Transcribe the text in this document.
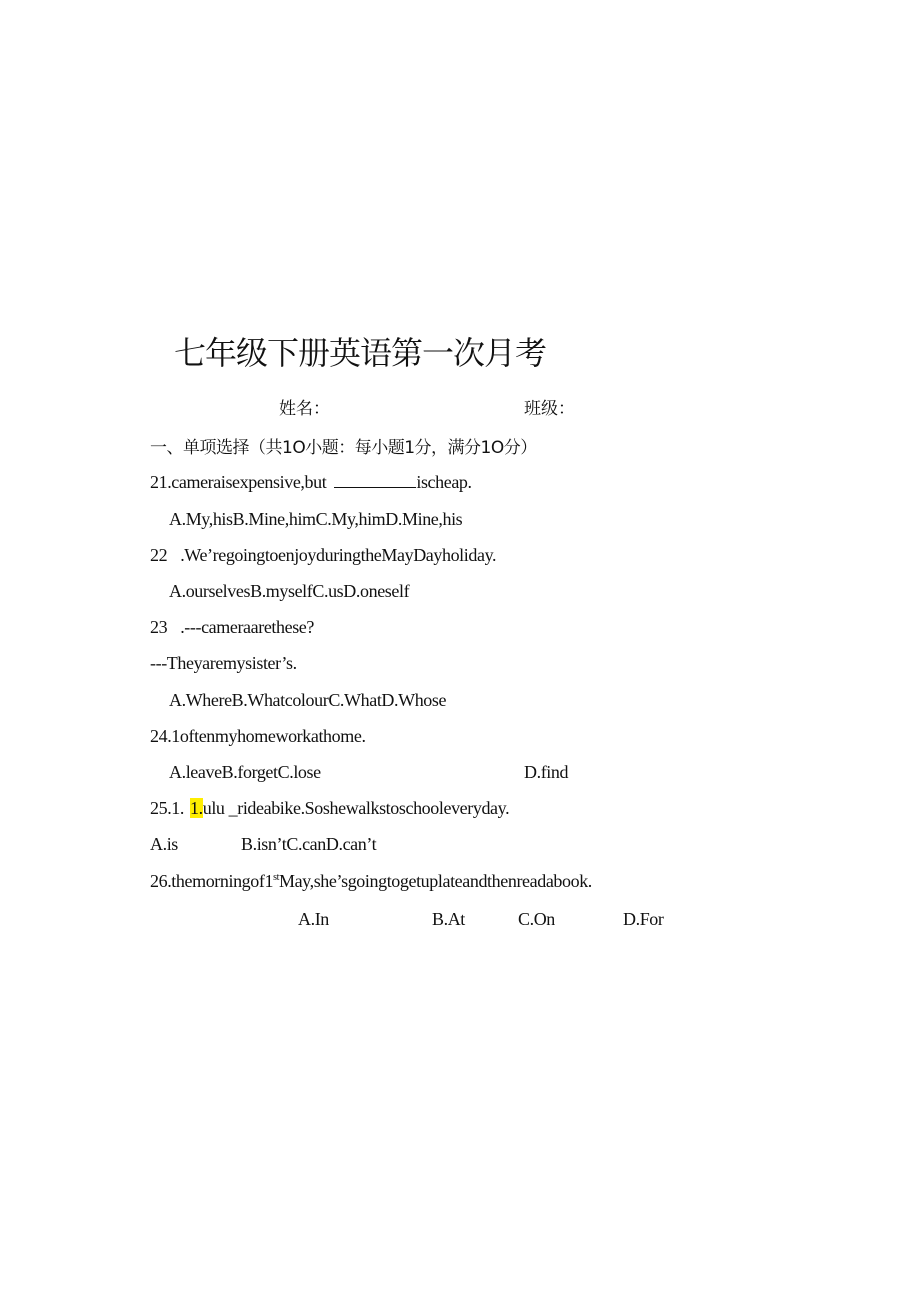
七年级下册英语第一次月考
姓名：	班级：
一、单项选择（共1O小题：每小题1分，满分1O分）
21.cameraisexpensive,but	ischeap.
A.My,hisB.Mine,himC.My,himD.Mine,his
22 .We’regoingtoenjoyduringtheMayDayholiday.
A.ourselvesB.myselfC.usD.oneself
23 .---cameraarethese?
---Theyaremysister’s.
A.WhereB.WhatcolourC.WhatD.Whose
24.1oftenmyhomeworkathome.
A.leaveB.forgetC.lose	D.find
25.1. 1.ulu _rideabike.Soshewalkstoschooleveryday.
A.is	B.isn’tC.canD.can’t
26.themorningof1stMay,she’sgoingtogetuplateandthenreadabook.
A.In	B.At	C.On	D.For
